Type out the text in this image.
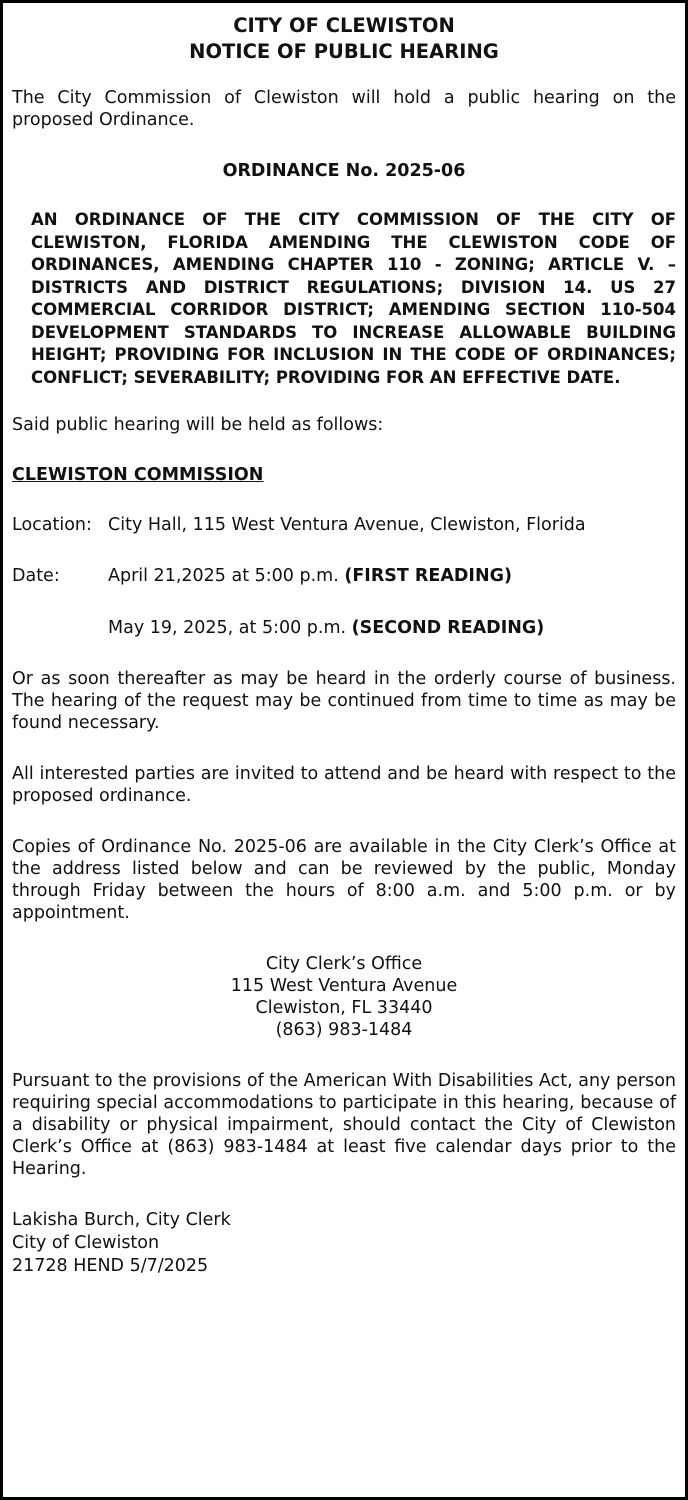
CITY OF CLEWISTON
NOTICE OF PUBLIC HEARING

The City Commission of Clewiston will hold a public hearing on the proposed Ordinance.

ORDINANCE No. 2025-06

AN ORDINANCE OF THE CITY COMMISSION OF THE CITY OF CLEWISTON, FLORIDA AMENDING THE CLEWISTON CODE OF ORDINANCES, AMENDING CHAPTER 110 - ZONING; ARTICLE V. – DISTRICTS AND DISTRICT REGULATIONS; DIVISION 14. US 27 COMMERCIAL CORRIDOR DISTRICT; AMENDING SECTION 110-504 DEVELOPMENT STANDARDS TO INCREASE ALLOWABLE BUILDING HEIGHT; PROVIDING FOR INCLUSION IN THE CODE OF ORDINANCES; CONFLICT; SEVERABILITY; PROVIDING FOR AN EFFECTIVE DATE.

Said public hearing will be held as follows:

CLEWISTON COMMISSION
Location: City Hall, 115 West Ventura Avenue, Clewiston, Florida
Date:	April 21,2025 at 5:00 p.m. (FIRST READING)
May 19, 2025, at 5:00 p.m. (SECOND READING)

Or as soon thereafter as may be heard in the orderly course of business. The hearing of the request may be continued from time to time as may be found necessary.

All interested parties are invited to attend and be heard with respect to the proposed ordinance.

Copies of Ordinance No. 2025-06 are available in the City Clerk’s Office at the address listed below and can be reviewed by the public, Monday through Friday between the hours of 8:00 a.m. and 5:00 p.m. or by appointment.

City Clerk’s Office
115 West Ventura Avenue
Clewiston, FL 33440
(863) 983-1484

Pursuant to the provisions of the American With Disabilities Act, any person requiring special accommodations to participate in this hearing, because of a disability or physical impairment, should contact the City of Clewiston Clerk’s Office at (863) 983-1484 at least five calendar days prior to the Hearing.

Lakisha Burch, City Clerk
City of Clewiston
21728 HEND 5/7/2025
